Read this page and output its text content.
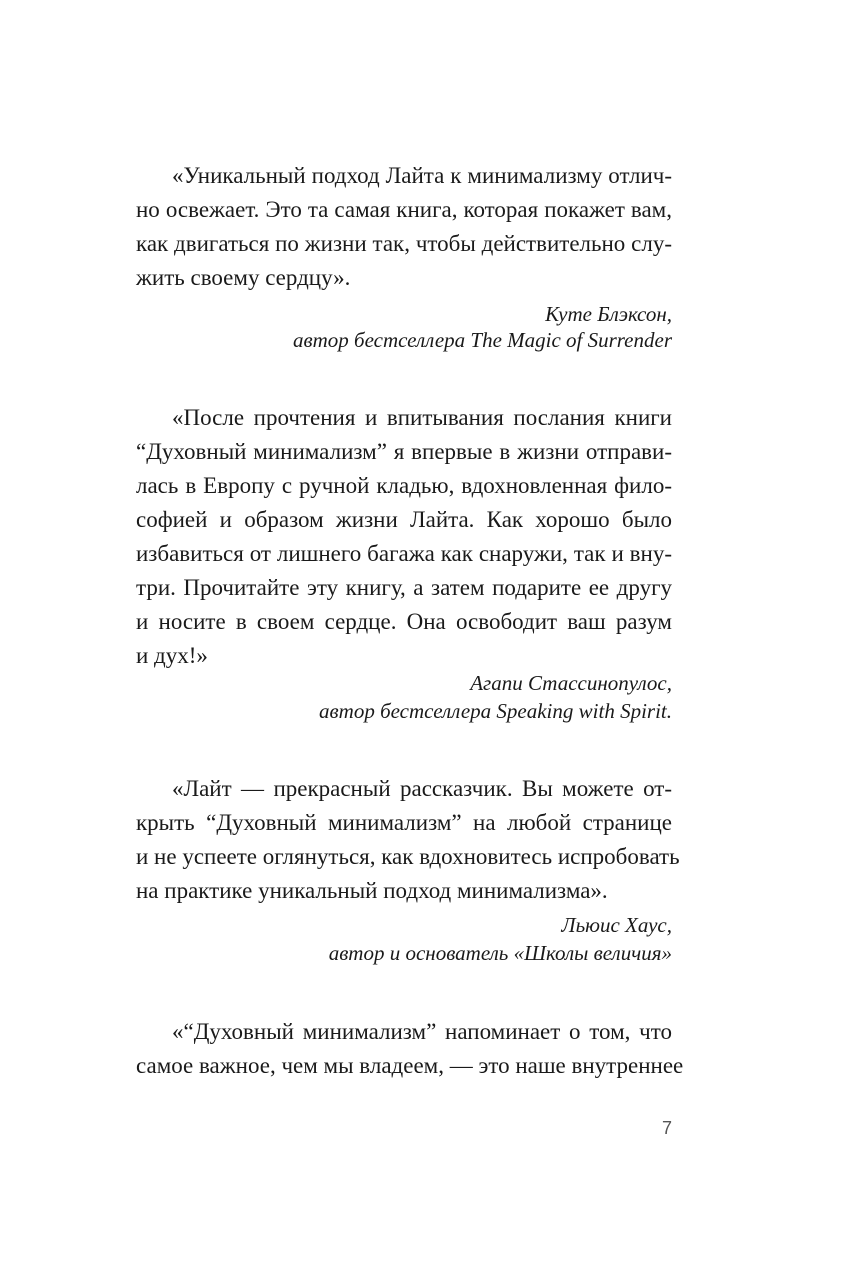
«Уникальный подход Лайта к минимализму отлич-
но освежает. Это та самая книга, которая покажет вам,
как двигаться по жизни так, чтобы действительно слу-
жить своему сердцу».
Куте Блэксон,
автор бестселлера The Magic of Surrender
«После прочтения и впитывания послания книги
“Духовный минимализм” я впервые в жизни отправи-
лась в Европу с ручной кладью, вдохновленная фило-
софией и образом жизни Лайта. Как хорошо было
избавиться от лишнего багажа как снаружи, так и вну-
три. Прочитайте эту книгу, а затем подарите ее другу
и носите в своем сердце. Она освободит ваш разум
и дух!»
Агапи Стассинопулос,
автор бестселлера Speaking with Spirit.
«Лайт — прекрасный рассказчик. Вы можете от-
крыть “Духовный минимализм” на любой странице
и не успеете оглянуться, как вдохновитесь испробовать
на практике уникальный подход минимализма».
Льюис Хаус,
автор и основатель «Школы величия»
«“Духовный минимализм” напоминает о том, что
самое важное, чем мы владеем, — это наше внутреннее
7
